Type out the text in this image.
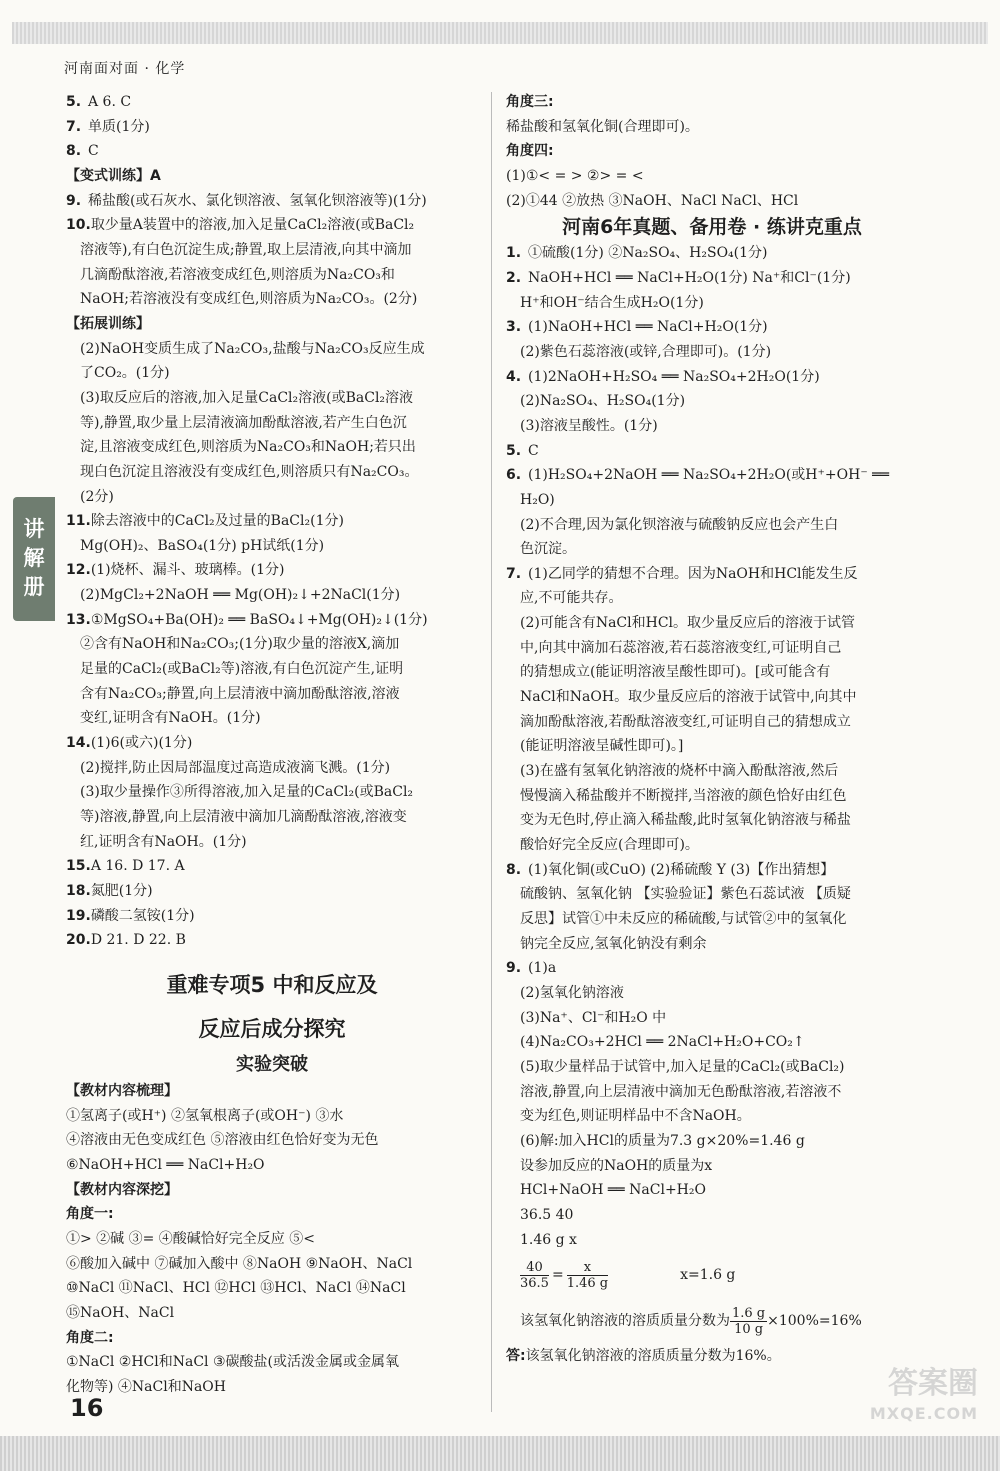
河南面对面 · 化学
讲
解
册
5. A 6. C
7. 单质(1分)
8. C
【变式训练】A
9. 稀盐酸(或石灰水、氯化钡溶液、氢氧化钡溶液等)(1分)
10.取少量A装置中的溶液,加入足量CaCl₂溶液(或BaCl₂
溶液等),有白色沉淀生成;静置,取上层清液,向其中滴加
几滴酚酞溶液,若溶液变成红色,则溶质为Na₂CO₃和
NaOH;若溶液没有变成红色,则溶质为Na₂CO₃。(2分)
【拓展训练】
(2)NaOH变质生成了Na₂CO₃,盐酸与Na₂CO₃反应生成
了CO₂。(1分)
(3)取反应后的溶液,加入足量CaCl₂溶液(或BaCl₂溶液
等),静置,取少量上层清液滴加酚酞溶液,若产生白色沉
淀,且溶液变成红色,则溶质为Na₂CO₃和NaOH;若只出
现白色沉淀且溶液没有变成红色,则溶质只有Na₂CO₃。
(2分)
11.除去溶液中的CaCl₂及过量的BaCl₂(1分)
Mg(OH)₂、BaSO₄(1分) pH试纸(1分)
12.(1)烧杯、漏斗、玻璃棒。(1分)
(2)MgCl₂+2NaOH ══ Mg(OH)₂↓+2NaCl(1分)
13.①MgSO₄+Ba(OH)₂ ══ BaSO₄↓+Mg(OH)₂↓(1分)
②含有NaOH和Na₂CO₃;(1分)取少量的溶液X,滴加
足量的CaCl₂(或BaCl₂等)溶液,有白色沉淀产生,证明
含有Na₂CO₃;静置,向上层清液中滴加酚酞溶液,溶液
变红,证明含有NaOH。(1分)
14.(1)6(或六)(1分)
(2)搅拌,防止因局部温度过高造成液滴飞溅。(1分)
(3)取少量操作③所得溶液,加入足量的CaCl₂(或BaCl₂
等)溶液,静置,向上层清液中滴加几滴酚酞溶液,溶液变
红,证明含有NaOH。(1分)
15.A 16. D 17. A
18.氮肥(1分)
19.磷酸二氢铵(1分)
20.D 21. D 22. B
重难专项5 中和反应及
反应后成分探究
实验突破
【教材内容梳理】
①氢离子(或H⁺) ②氢氧根离子(或OH⁻) ③水
④溶液由无色变成红色 ⑤溶液由红色恰好变为无色
⑥NaOH+HCl ══ NaCl+H₂O
【教材内容深挖】
角度一:
①> ②碱 ③= ④酸碱恰好完全反应 ⑤<
⑥酸加入碱中 ⑦碱加入酸中 ⑧NaOH ⑨NaOH、NaCl
⑩NaCl ⑪NaCl、HCl ⑫HCl ⑬HCl、NaCl ⑭NaCl
⑮NaOH、NaCl
角度二:
①NaCl ②HCl和NaCl ③碳酸盐(或活泼金属或金属氧
化物等) ④NaCl和NaOH
角度三:
稀盐酸和氢氧化铜(合理即可)。
角度四:
(1)①< = > ②> = <
(2)①44 ②放热 ③NaOH、NaCl NaCl、HCl
河南6年真题、备用卷 · 练讲克重点
1. ①硫酸(1分) ②Na₂SO₄、H₂SO₄(1分)
2. NaOH+HCl ══ NaCl+H₂O(1分) Na⁺和Cl⁻(1分)
H⁺和OH⁻结合生成H₂O(1分)
3. (1)NaOH+HCl ══ NaCl+H₂O(1分)
(2)紫色石蕊溶液(或锌,合理即可)。(1分)
4. (1)2NaOH+H₂SO₄ ══ Na₂SO₄+2H₂O(1分)
(2)Na₂SO₄、H₂SO₄(1分)
(3)溶液呈酸性。(1分)
5. C
6. (1)H₂SO₄+2NaOH ══ Na₂SO₄+2H₂O(或H⁺+OH⁻ ══
H₂O)
(2)不合理,因为氯化钡溶液与硫酸钠反应也会产生白
色沉淀。
7. (1)乙同学的猜想不合理。因为NaOH和HCl能发生反
应,不可能共存。
(2)可能含有NaCl和HCl。取少量反应后的溶液于试管
中,向其中滴加石蕊溶液,若石蕊溶液变红,可证明自己
的猜想成立(能证明溶液呈酸性即可)。[或可能含有
NaCl和NaOH。取少量反应后的溶液于试管中,向其中
滴加酚酞溶液,若酚酞溶液变红,可证明自己的猜想成立
(能证明溶液呈碱性即可)。]
(3)在盛有氢氧化钠溶液的烧杯中滴入酚酞溶液,然后
慢慢滴入稀盐酸并不断搅拌,当溶液的颜色恰好由红色
变为无色时,停止滴入稀盐酸,此时氢氧化钠溶液与稀盐
酸恰好完全反应(合理即可)。
8. (1)氧化铜(或CuO) (2)稀硫酸 Y (3)【作出猜想】
硫酸钠、氢氧化钠 【实验验证】紫色石蕊试液 【质疑
反思】试管①中未反应的稀硫酸,与试管②中的氢氧化
钠完全反应,氢氧化钠没有剩余
9. (1)a
(2)氢氧化钠溶液
(3)Na⁺、Cl⁻和H₂O 中
(4)Na₂CO₃+2HCl ══ 2NaCl+H₂O+CO₂↑
(5)取少量样品于试管中,加入足量的CaCl₂(或BaCl₂)
溶液,静置,向上层清液中滴加无色酚酞溶液,若溶液不
变为红色,则证明样品中不含NaOH。
(6)解:加入HCl的质量为7.3 g×20%=1.46 g
设参加反应的NaOH的质量为x
HCl+NaOH ══ NaCl+H₂O
36.5 40
1.46 g x
$\frac{40}{36.5} = \frac{x}{1.46 g}$	x=1.6 g
该氢氧化钠溶液的溶质质量分数为 $\frac{1.6 g}{10 g} \times 100\%=16\%$
答:该氢氧化钠溶液的溶质质量分数为16%。
16
答案圈
MXQE.COM
